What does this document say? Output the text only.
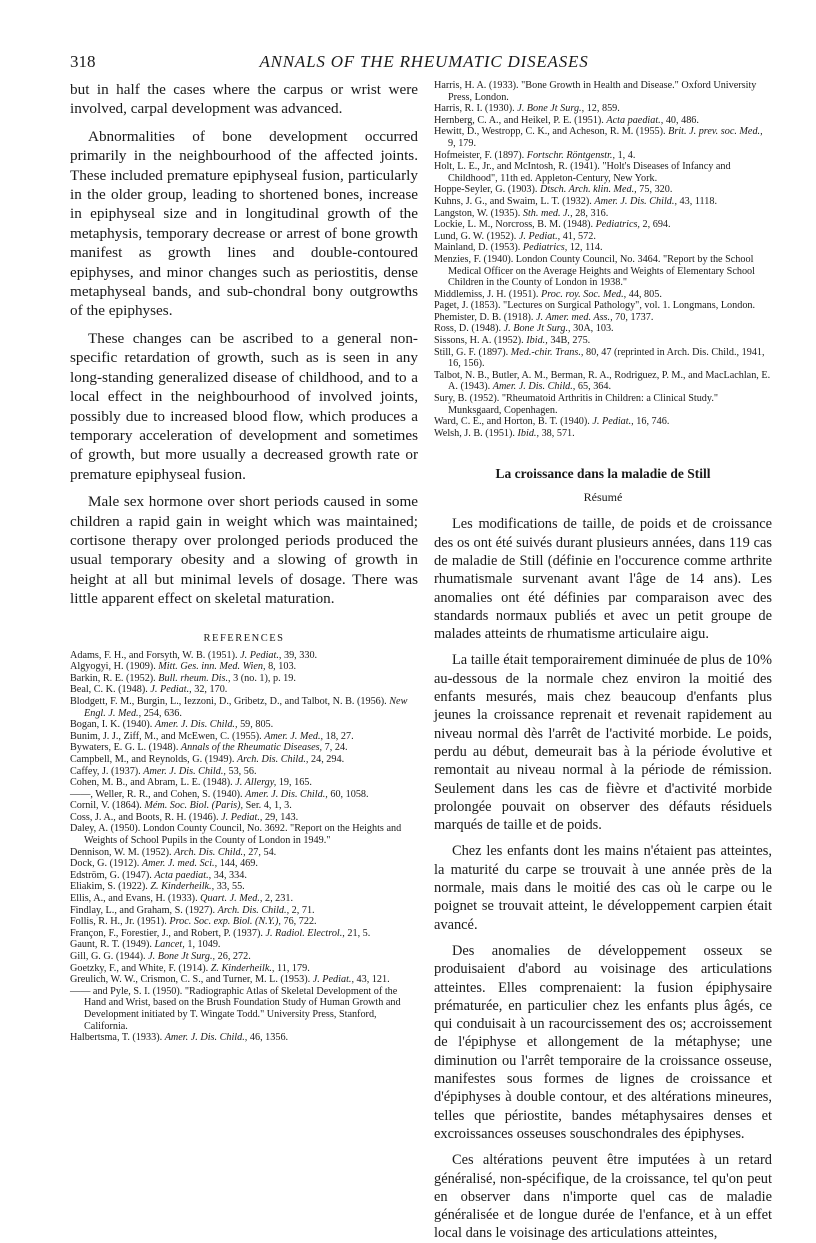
318	ANNALS OF THE RHEUMATIC DISEASES

but in half the cases where the carpus or wrist were involved, carpal development was advanced.

Abnormalities of bone development occurred primarily in the neighbourhood of the affected joints. These included premature epiphyseal fusion, particularly in the older group, leading to shortened bones, increase in epiphyseal size and in longitudinal growth of the metaphysis, temporary decrease or arrest of bone growth manifest as growth lines and double-contoured epiphyses, and minor changes such as periostitis, dense metaphyseal bands, and sub-chondral bony outgrowths of the epiphyses.

These changes can be ascribed to a general non-specific retardation of growth, such as is seen in any long-standing generalized disease of childhood, and to a local effect in the neighbourhood of involved joints, possibly due to increased blood flow, which produces a temporary acceleration of development and sometimes of growth, but more usually a decreased growth rate or premature epiphyseal fusion.

Male sex hormone over short periods caused in some children a rapid gain in weight which was maintained; cortisone therapy over prolonged periods produced the usual temporary obesity and a slowing of growth in height at all but minimal levels of dosage. There was little apparent effect on skeletal maturation.

REFERENCES

Adams, F. H., and Forsyth, W. B. (1951). J. Pediat., 39, 330.

Algyogyi, H. (1909). Mitt. Ges. inn. Med. Wien, 8, 103.

Barkin, R. E. (1952). Bull. rheum. Dis., 3 (no. 1), p. 19.

Beal, C. K. (1948). J. Pediat., 32, 170.

Blodgett, F. M., Burgin, L., Iezzoni, D., Gribetz, D., and Talbot, N. B. (1956). New Engl. J. Med., 254, 636.

Bogan, I. K. (1940). Amer. J. Dis. Child., 59, 805.

Bunim, J. J., Ziff, M., and McEwen, C. (1955). Amer. J. Med., 18, 27.

Bywaters, E. G. L. (1948). Annals of the Rheumatic Diseases, 7, 24.

Campbell, M., and Reynolds, G. (1949). Arch. Dis. Child., 24, 294.

Caffey, J. (1937). Amer. J. Dis. Child., 53, 56.

Cohen, M. B., and Abram, L. E. (1948). J. Allergy, 19, 165.

——, Weller, R. R., and Cohen, S. (1940). Amer. J. Dis. Child., 60, 1058.

Cornil, V. (1864). Mém. Soc. Biol. (Paris), Ser. 4, 1, 3.

Coss, J. A., and Boots, R. H. (1946). J. Pediat., 29, 143.

Daley, A. (1950). London County Council, No. 3692. "Report on the Heights and Weights of School Pupils in the County of London in 1949."

Dennison, W. M. (1952). Arch. Dis. Child., 27, 54.

Dock, G. (1912). Amer. J. med. Sci., 144, 469.

Edström, G. (1947). Acta paediat., 34, 334.

Eliakim, S. (1922). Z. Kinderheilk., 33, 55.

Ellis, A., and Evans, H. (1933). Quart. J. Med., 2, 231.

Findlay, L., and Graham, S. (1927). Arch. Dis. Child., 2, 71.

Follis, R. H., Jr. (1951). Proc. Soc. exp. Biol. (N.Y.), 76, 722.

Françon, F., Forestier, J., and Robert, P. (1937). J. Radiol. Electrol., 21, 5.

Gaunt, R. T. (1949). Lancet, 1, 1049.

Gill, G. G. (1944). J. Bone Jt Surg., 26, 272.

Goetzky, F., and White, F. (1914). Z. Kinderheilk., 11, 179.

Greulich, W. W., Crismon, C. S., and Turner, M. L. (1953). J. Pediat., 43, 121.

—— and Pyle, S. I. (1950). "Radiographic Atlas of Skeletal Development of the Hand and Wrist, based on the Brush Foundation Study of Human Growth and Development initiated by T. Wingate Todd." University Press, Stanford, California.

Halbertsma, T. (1933). Amer. J. Dis. Child., 46, 1356.

Harris, H. A. (1933). "Bone Growth in Health and Disease." Oxford University Press, London.

Harris, R. I. (1930). J. Bone Jt Surg., 12, 859.

Hernberg, C. A., and Heikel, P. E. (1951). Acta paediat., 40, 486.

Hewitt, D., Westropp, C. K., and Acheson, R. M. (1955). Brit. J. prev. soc. Med., 9, 179.

Hofmeister, F. (1897). Fortschr. Röntgenstr., 1, 4.

Holt, L. E., Jr., and McIntosh, R. (1941). "Holt's Diseases of Infancy and Childhood", 11th ed. Appleton-Century, New York.

Hoppe-Seyler, G. (1903). Dtsch. Arch. klin. Med., 75, 320.

Kuhns, J. G., and Swaim, L. T. (1932). Amer. J. Dis. Child., 43, 1118.

Langston, W. (1935). Sth. med. J., 28, 316.

Lockie, L. M., Norcross, B. M. (1948). Pediatrics, 2, 694.

Lund, G. W. (1952). J. Pediat., 41, 572.

Mainland, D. (1953). Pediatrics, 12, 114.

Menzies, F. (1940). London County Council, No. 3464. "Report by the School Medical Officer on the Average Heights and Weights of Elementary School Children in the County of London in 1938."

Middlemiss, J. H. (1951). Proc. roy. Soc. Med., 44, 805.

Paget, J. (1853). "Lectures on Surgical Pathology", vol. 1. Longmans, London.

Phemister, D. B. (1918). J. Amer. med. Ass., 70, 1737.

Ross, D. (1948). J. Bone Jt Surg., 30A, 103.

Sissons, H. A. (1952). Ibid., 34B, 275.

Still, G. F. (1897). Med.-chir. Trans., 80, 47 (reprinted in Arch. Dis. Child., 1941, 16, 156).

Talbot, N. B., Butler, A. M., Berman, R. A., Rodriguez, P. M., and MacLachlan, E. A. (1943). Amer. J. Dis. Child., 65, 364.

Sury, B. (1952). "Rheumatoid Arthritis in Children: a Clinical Study." Munksgaard, Copenhagen.

Ward, C. E., and Horton, B. T. (1940). J. Pediat., 16, 746.

Welsh, J. B. (1951). Ibid., 38, 571.

La croissance dans la maladie de Still

Résumé

Les modifications de taille, de poids et de croissance des os ont été suivés durant plusieurs années, dans 119 cas de maladie de Still (définie en l'occurence comme arthrite rhumatismale survenant avant l'âge de 14 ans). Les anomalies ont été définies par comparaison avec des standards normaux publiés et avec un petit groupe de malades atteints de rhumatisme articulaire aigu.

La taille était temporairement diminuée de plus de 10% au-dessous de la normale chez environ la moitié des enfants mesurés, mais chez beaucoup d'enfants plus jeunes la croissance reprenait et revenait rapidement au niveau normal dès l'arrêt de l'activité morbide. Le poids, perdu au début, demeurait bas à la période évolutive et remontait au niveau normal à la période de rémission. Seulement dans les cas de fièvre et d'activité morbide prolongée pouvait on observer des défauts résiduels marqués de taille et de poids.

Chez les enfants dont les mains n'étaient pas atteintes, la maturité du carpe se trouvait à une année près de la normale, mais dans le moitié des cas où le carpe ou le poignet se trouvait atteint, le développement carpien était avancé.

Des anomalies de développement osseux se produisaient d'abord au voisinage des articulations atteintes. Elles comprenaient: la fusion épiphysaire prématurée, en particulier chez les enfants plus âgés, ce qui conduisait à un racourcissement des os; accroissement de l'épiphyse et allongement de la métaphyse; une diminution ou l'arrêt temporaire de la croissance osseuse, manifestes sous formes de lignes de croissance et d'épiphyses à double contour, et des altérations mineures, telles que périostite, bandes métaphysaires denses et excroissances osseuses souschondrales des épiphyses.

Ces altérations peuvent être imputées à un retard généralisé, non-spécifique, de la croissance, tel qu'on peut en observer dans n'importe quel cas de maladie généralisée et de longue durée de l'enfance, et à un effet local dans le voisinage des articulations atteintes,
